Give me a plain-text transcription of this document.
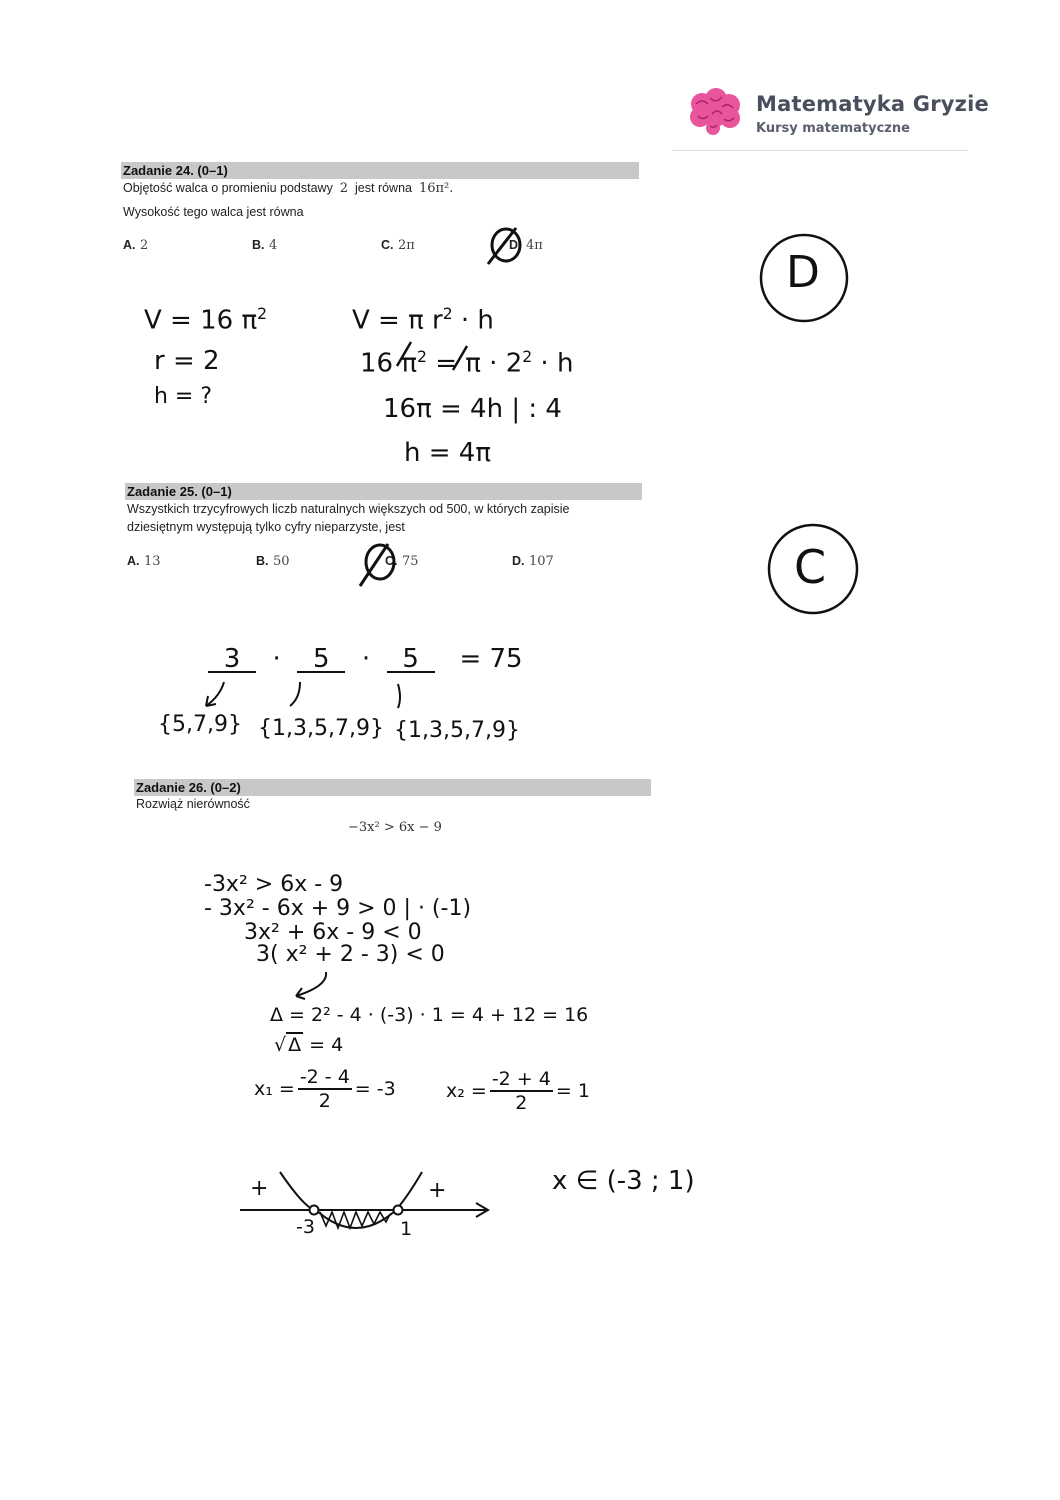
Matematyka Gryzie
Kursy matematyczne
Zadanie 24. (0–1)
Objętość walca o promieniu podstawy 2 jest równa 16π².
Wysokość tego walca jest równa
A. 2	B. 4	C. 2π	D. 4π
D
V = 16 $\pi^2$
r = 2
h = ?
V = π $r^2 \cdot h$
16 $\pi^2 = \pi \cdot 2^2 \cdot h$
16π = 4h | : 4
h = 4π
Zadanie 25. (0–1)
Wszystkich trzycyfrowych liczb naturalnych większych od 500, w których zapisie
dziesiętnym występują tylko cyfry nieparzyste, jest
A. 13	B. 50	C. 75	D. 107	C
3  ·  5  ·  5 = 75
{5,7,9} {1,3,5,7,9} {1,3,5,7,9}
Zadanie 26. (0–2)
Rozwiąż nierówność
−3x² > 6x − 9
-3x² > 6x - 9
- 3x² - 6x + 9 > 0 | · (-1)
3x² + 6x - 9 < 0
3( x² + 2 - 3) < 0
Δ = 2² - 4 · (-3) · 1 = 4 + 12 = 16
√ Δ = 4
$x_1 = \frac{-2 - 4}{2} = -3$	$x_2 = \frac{-2 + 4}{2} = 1$
+	+
-3	1
x ∈ (-3 ; 1)
